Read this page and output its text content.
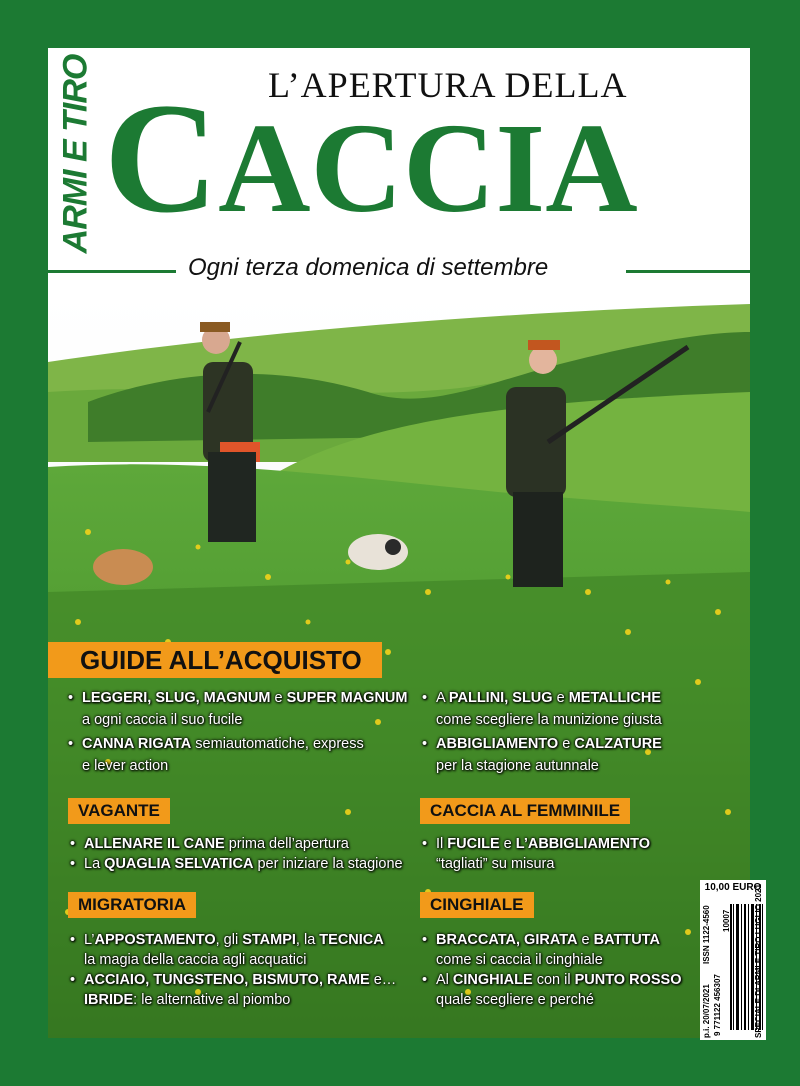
ARMI E TIRO	L’APERTURA DELLA
CACCIA
Ogni terza domenica di settembre
GUIDE ALL’ACQUISTO
• LEGGERI, SLUG, MAGNUM e SUPER MAGNUM
a ogni caccia il suo fucile
• CANNA RIGATA semiautomatiche, express
e lever action
• A PALLINI, SLUG e METALLICHE
come scegliere la munizione giusta
• ABBIGLIAMENTO e CALZATURE
per la stagione autunnale
VAGANTE
• ALLENARE IL CANE prima dell’apertura
• La QUAGLIA SELVATICA per iniziare la stagione
CACCIA AL FEMMINILE
• Il FUCILE e L’ABBIGLIAMENTO
“tagliati” su misura
MIGRATORIA
• L’APPOSTAMENTO, gli STAMPI, la TECNICA
la magia della caccia agli acquatici
• ACCIAIO, TUNGSTENO, BISMUTO, RAME e…
IBRIDE: le alternative al piombo
CINGHIALE
• BRACCATA, GIRATA e BATTUTA
come si caccia il cinghiale
• Al CINGHIALE con il PUNTO ROSSO
quale scegliere e perché
10,00 EURO
ISSN 1122-4560
p.i. 20/07/2021 9 771122 456307
10007	SPECIALE DI ARMI E TIRO LUGLIO 2021
